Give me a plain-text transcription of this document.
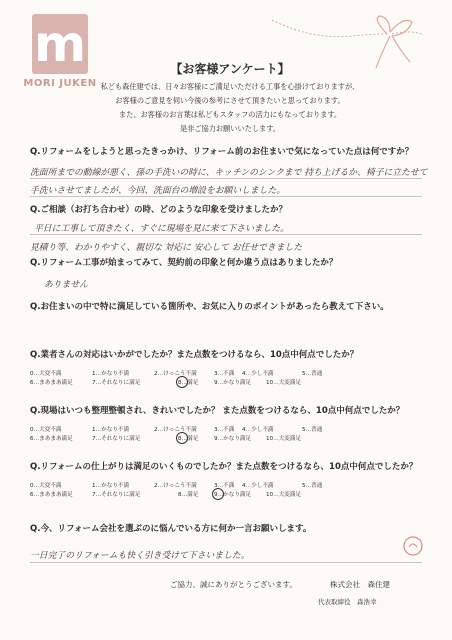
m
MORI JUKEN
【お客様アンケート】
私ども森住建では、日々お客様にご満足いただける工事を心掛けておりますが、
お客様のご意見を伺い今後の参考にさせて頂きたいと思っております。
また、お客様のお言葉は私どもスタッフの活力にもなっております。
是非ご協力お願いいたします。
Q.リフォームをしようと思ったきっかけ、リフォーム前のお住まいで気になっていた点は何ですか？
洗面所までの動線が悪く、孫の手洗いの時に、キッチンのシンクまで 持ち上げるか、椅子に立たせて
手洗いさせてましたが、今回、洗面台の増設をお願いしました。
Q.ご相談（お打ち合わせ）の時、どのような印象を受けましたか？
平日に工事して頂きたく、すぐに現場を見に来て下さいました。
見積り等、わかりやすく、親切な 対応に 安心して お任せできました
Q.リフォーム工事が始まってみて、契約前の印象と何か違う点はありましたか？
ありません
Q.お住まいの中で特に満足している箇所や、お気に入りのポイントがあったら教えて下さい。
Q.業者さんの対応はいかがでしたか？また点数をつけるなら、10点中何点でしたか？
0…大変不満	1…かなり不満	2…けっこう不満	3…不満 4…少し不満	5…普通
6…まあまあ満足	7…それなりに満足	8…満足	9…かなり満足	10…大変満足
Q.現場はいつも整理整頓され、きれいでしたか？ また点数をつけるなら、10点中何点でしたか？
0…大変不満	1…かなり不満	2…けっこう不満	3…不満 4…少し不満	5…普通
6…まあまあ満足	7…それなりに満足	8…満足	9…かなり満足	10…大変満足
Q.リフォームの仕上がりは満足のいくものでしたか？また点数をつけるなら、10点中何点でしたか？
0…大変不満	1…かなり不満	2…けっこう不満	3…不満 4…少し不満	5…普通
6…まあまあ満足	7…それなりに満足	8…満足	9…かなり満足	10…大変満足
Q.今、リフォーム会社を選ぶのに悩んでいる方に何か一言お願いします。
一日完了のリフォームも快く引き受けて下さいました。
ご協力、誠にありがとうございます。	株式会社　森住建
代表取締役　森浩幸
